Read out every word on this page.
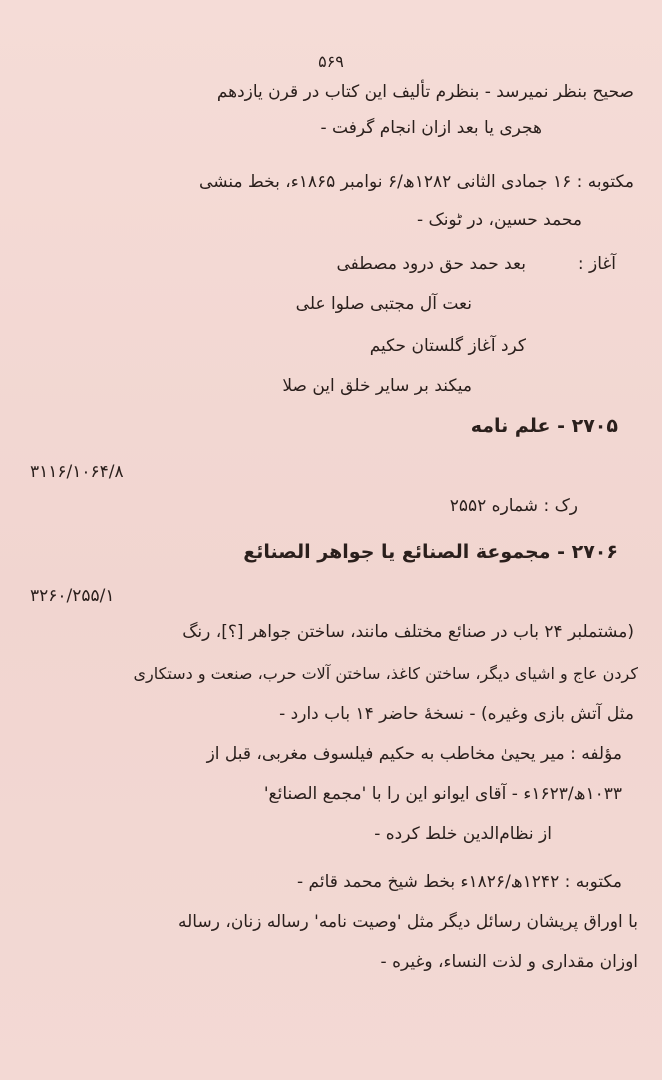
۵۶۹
صحیح بنظر نمیرسد - بنظرم تألیف این کتاب در قرن یازدهم
هجری یا بعد ازان انجام گرفت -
مکتوبه : ۱۶ جمادی الثانی ۱۲۸۲ھ/۶ نوامبر ۱۸۶۵ء، بخط منشی
محمد حسین، در ٹونک -
آغاز :
بعد حمد حق درود مصطفی
نعت آل مجتبی صلوا علی
کرد آغاز گلستان حکیم
میکند بر سایر خلق این صلا
۲۷۰۵ - علم نامه
۳۱۱۶/۱۰۶۴/۸
رک : شماره ۲۵۵۲
۲۷۰۶ - مجموعة الصنائع یا جواهر الصنائع
۳۲۶۰/۲۵۵/۱
(مشتملبر ۲۴ باب در صنائع مختلف مانند، ساختن جواهر [؟]، رنگ
کردن عاج و اشیای دیگر، ساختن کاغذ، ساختن آلات حرب، صنعت و دستکاری
مثل آتش بازی وغیره) - نسخهٔ حاضر ۱۴ باب دارد -
مؤلفه : میر یحییٰ مخاطب به حکیم فیلسوف مغربی، قبل از
۱۰۳۳ھ/۱۶۲۳ء - آقای ایوانو این را با 'مجمع الصنائع'
از نظام‌الدین خلط کرده -
مکتوبه : ۱۲۴۲ھ/۱۸۲۶ء بخط شیخ محمد قائم -
با اوراق پریشان رسائل دیگر مثل 'وصیت نامه' رساله زنان، رساله
اوزان مقداری و لذت النساء، وغیره -
